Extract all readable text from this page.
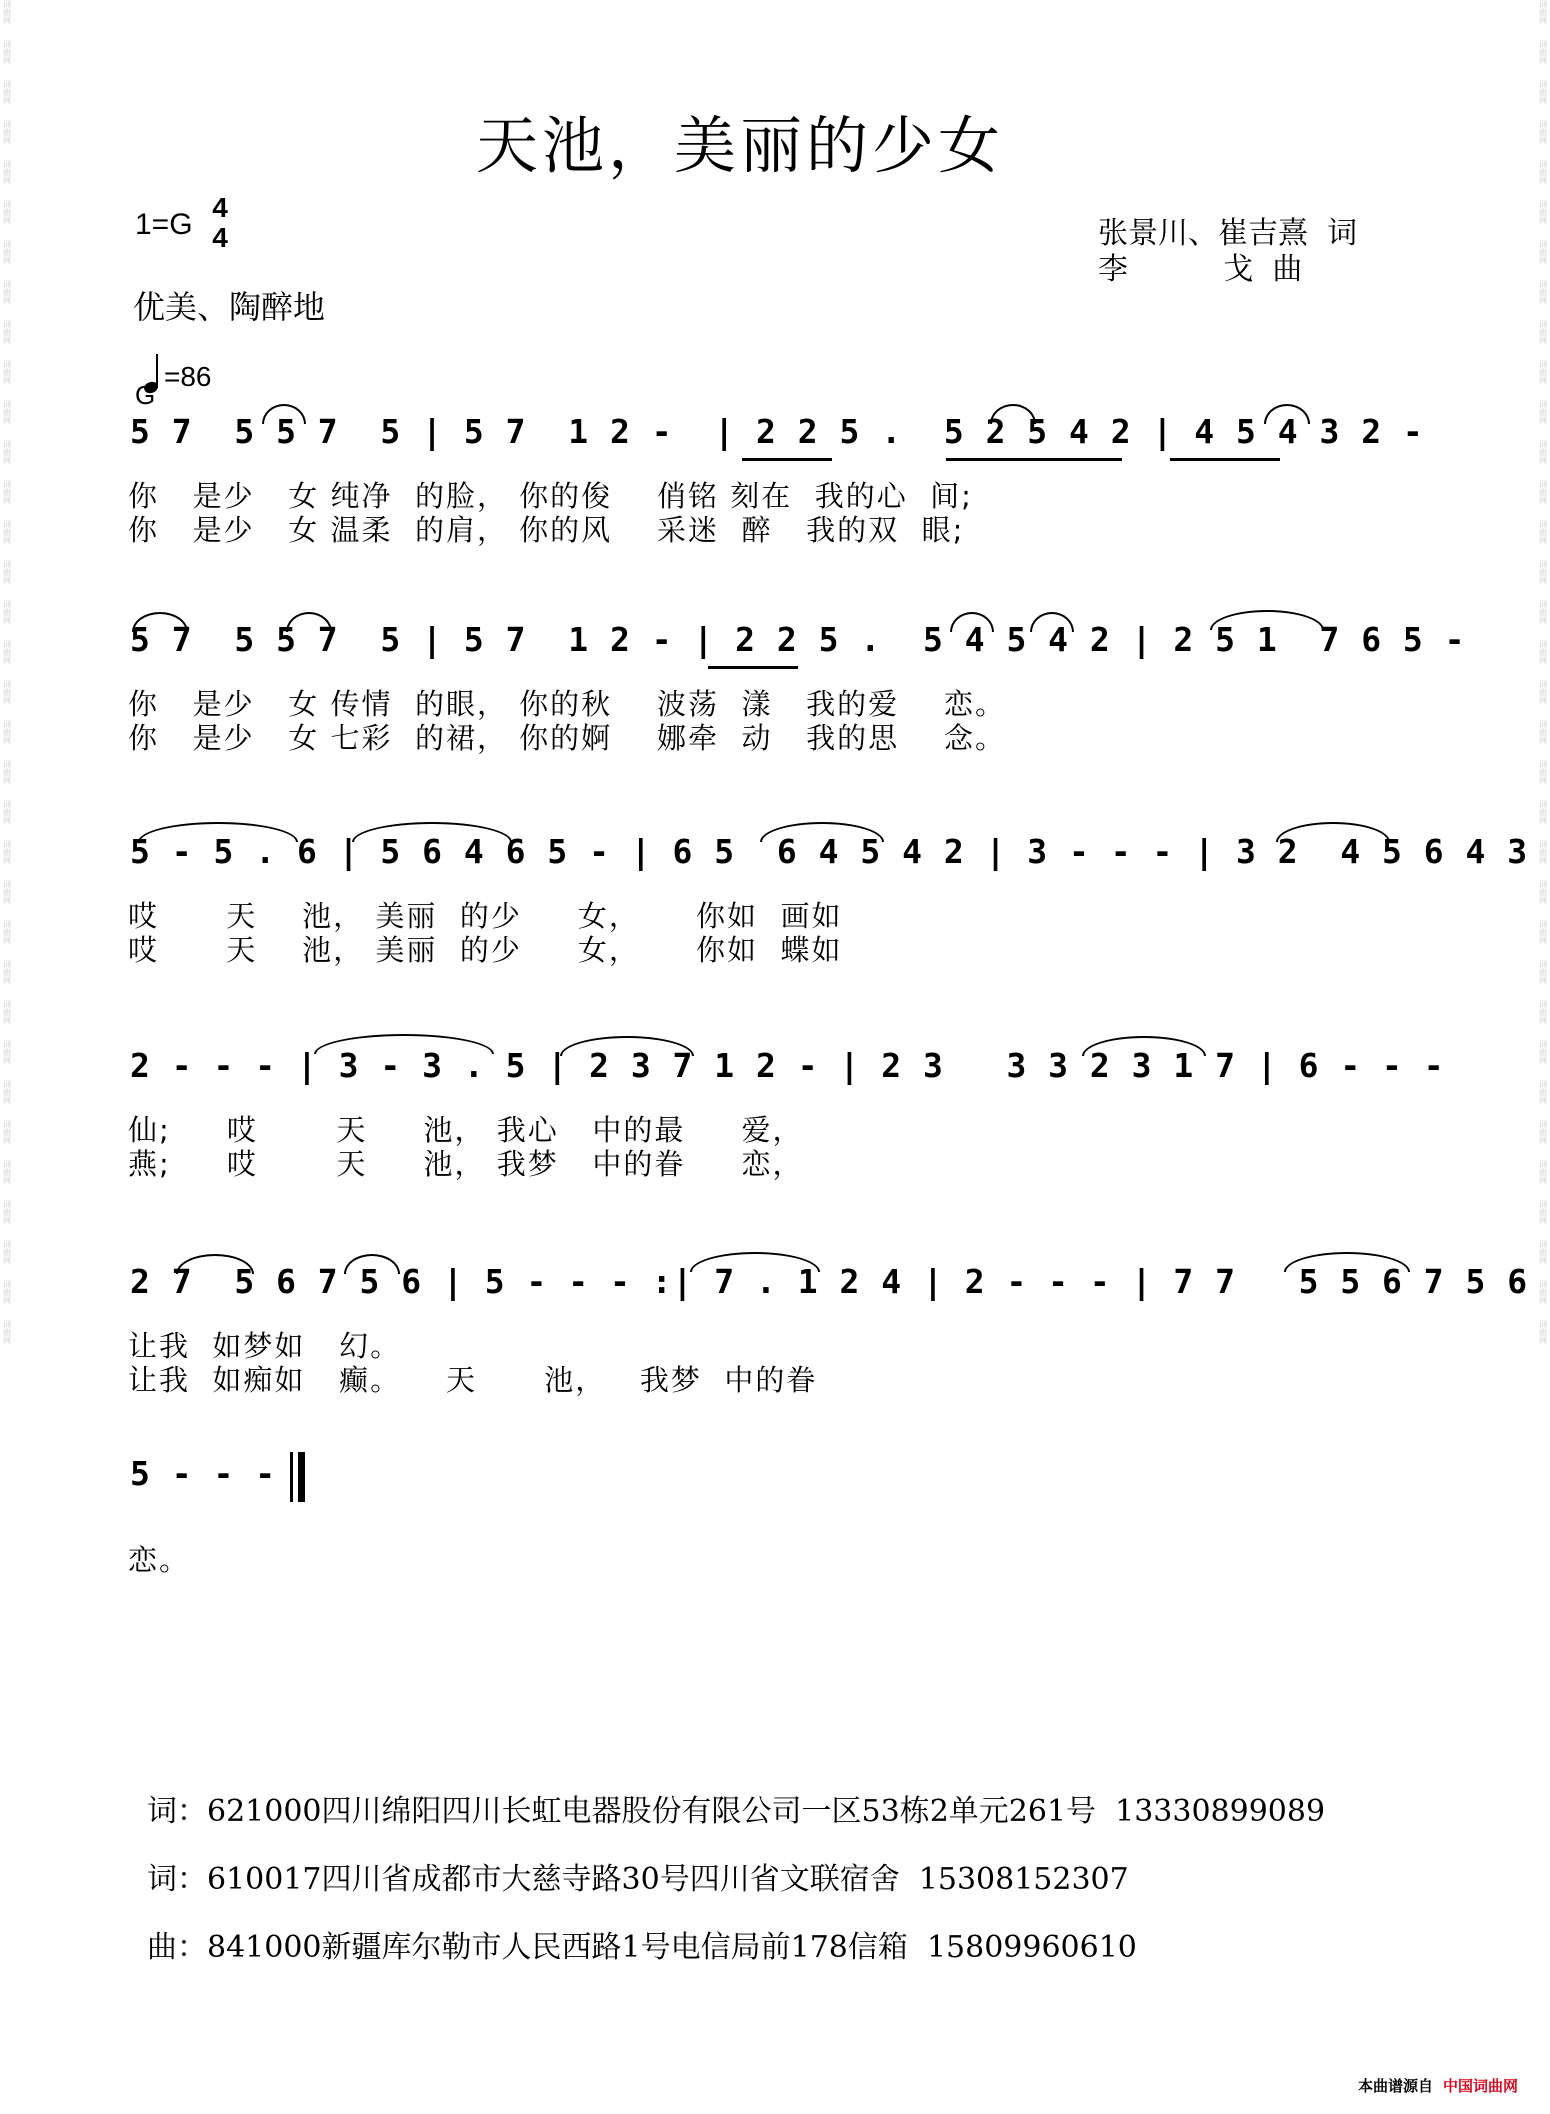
词曲网
词曲网
词曲网
词曲网
词曲网
词曲网
词曲网
词曲网
词曲网
词曲网
词曲网
词曲网
词曲网
词曲网
词曲网
词曲网
词曲网
词曲网
词曲网
词曲网
词曲网
词曲网
词曲网
词曲网
词曲网
词曲网
词曲网
词曲网
词曲网
词曲网
词曲网
词曲网
词曲网
词曲网
词曲网
词曲网
词曲网
词曲网
词曲网
词曲网
词曲网
词曲网
词曲网
词曲网
词曲网
词曲网
词曲网
词曲网
词曲网
词曲网
词曲网
词曲网
词曲网
词曲网
词曲网
词曲网
词曲网
词曲网
词曲网
词曲网
词曲网
词曲网
词曲网
词曲网
词曲网
词曲网
词曲网
词曲网
天池，美丽的少女
1=G
4
4	张景川、崔吉熹  词
李          戈  曲
优美、陶醉地
=86
G

5 7  5 5 7  5 | 5 7  1 2 -  | 2 2 5 .  5 2 5 4 2 | 4 5 4 3 2 -

你   是少   女 纯净  的脸， 你的俊    俏铭 刻在  我的心  间;
你   是少   女 温柔  的肩， 你的风    采迷  醉   我的双  眼;

5 7  5 5 7  5 | 5 7  1 2 - | 2 2 5 .  5 4 5 4 2 | 2 5 1  7 6 5 -

你   是少   女 传情  的眼， 你的秋    波荡  漾   我的爱    恋。
你   是少   女 七彩  的裙， 你的婀    娜牵  动   我的思    念。

5 - 5 . 6 | 5 6 4 6 5 - | 6 5  6 4 5 4 2 | 3 - - - | 3 2  4 5 6 4 3

哎      天    池， 美丽  的少     女，     你如  画如
哎      天    池， 美丽  的少     女，     你如  蝶如

2 - - - | 3 - 3 . 5 | 2 3 7 1 2 - | 2 3   3 3 2 3 1 7 | 6 - - -

仙;     哎       天     池， 我心   中的最     爱，
燕;     哎       天     池， 我梦   中的眷     恋，

2 7  5 6 7 5 6 | 5 - - - :| 7 . 1 2 4 | 2 - - - | 7 7   5 5 6 7 5 6

让我  如梦如   幻。
让我  如痴如   癫。    天      池，   我梦  中的眷

5 - - -

恋。
词：621000四川绵阳四川长虹电器股份有限公司一区53栋2单元261号  13330899089
词：610017四川省成都市大慈寺路30号四川省文联宿舍  15308152307
曲：841000新疆库尔勒市人民西路1号电信局前178信箱  15809960610
本曲谱源自 中国词曲网
